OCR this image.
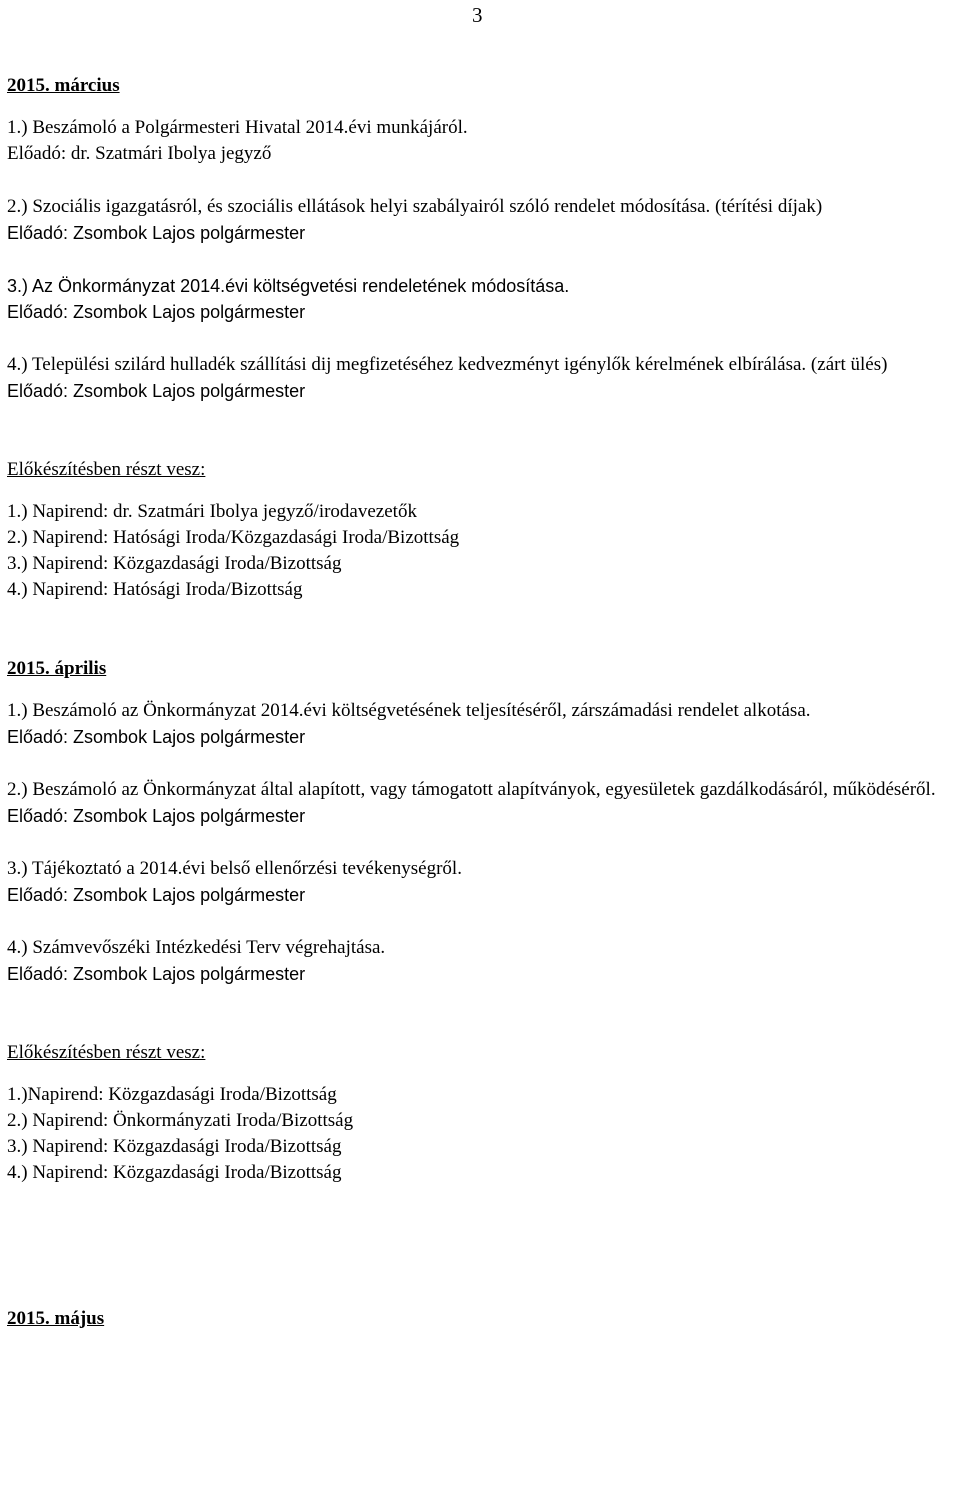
3

2015. március

1.) Beszámoló a Polgármesteri Hivatal 2014.évi munkájáról.

Előadó: dr. Szatmári Ibolya jegyző

2.) Szociális igazgatásról, és szociális ellátások helyi szabályairól szóló rendelet módosítása. (térítési díjak)

Előadó: Zsombok Lajos polgármester

3.) Az Önkormányzat 2014.évi költségvetési rendeletének módosítása.

Előadó: Zsombok Lajos polgármester

4.) Települési szilárd hulladék szállítási dij megfizetéséhez kedvezményt igénylők kérelmének elbírálása. (zárt ülés)

Előadó: Zsombok Lajos polgármester

Előkészítésben részt vesz:

1.) Napirend: dr. Szatmári Ibolya jegyző/irodavezetők

2.) Napirend: Hatósági Iroda/Közgazdasági Iroda/Bizottság

3.) Napirend: Közgazdasági Iroda/Bizottság

4.) Napirend: Hatósági Iroda/Bizottság

2015. április

1.) Beszámoló az Önkormányzat 2014.évi költségvetésének teljesítéséről, zárszámadási rendelet alkotása.

Előadó: Zsombok Lajos polgármester

2.) Beszámoló az Önkormányzat által alapított, vagy támogatott alapítványok, egyesületek gazdálkodásáról, működéséről.

Előadó: Zsombok Lajos polgármester

3.) Tájékoztató a 2014.évi belső ellenőrzési tevékenységről.

Előadó: Zsombok Lajos polgármester

4.) Számvevőszéki Intézkedési Terv végrehajtása.

Előadó: Zsombok Lajos polgármester

Előkészítésben részt vesz:

1.)Napirend: Közgazdasági Iroda/Bizottság

2.) Napirend: Önkormányzati Iroda/Bizottság

3.) Napirend: Közgazdasági Iroda/Bizottság

4.) Napirend: Közgazdasági Iroda/Bizottság

2015. május
